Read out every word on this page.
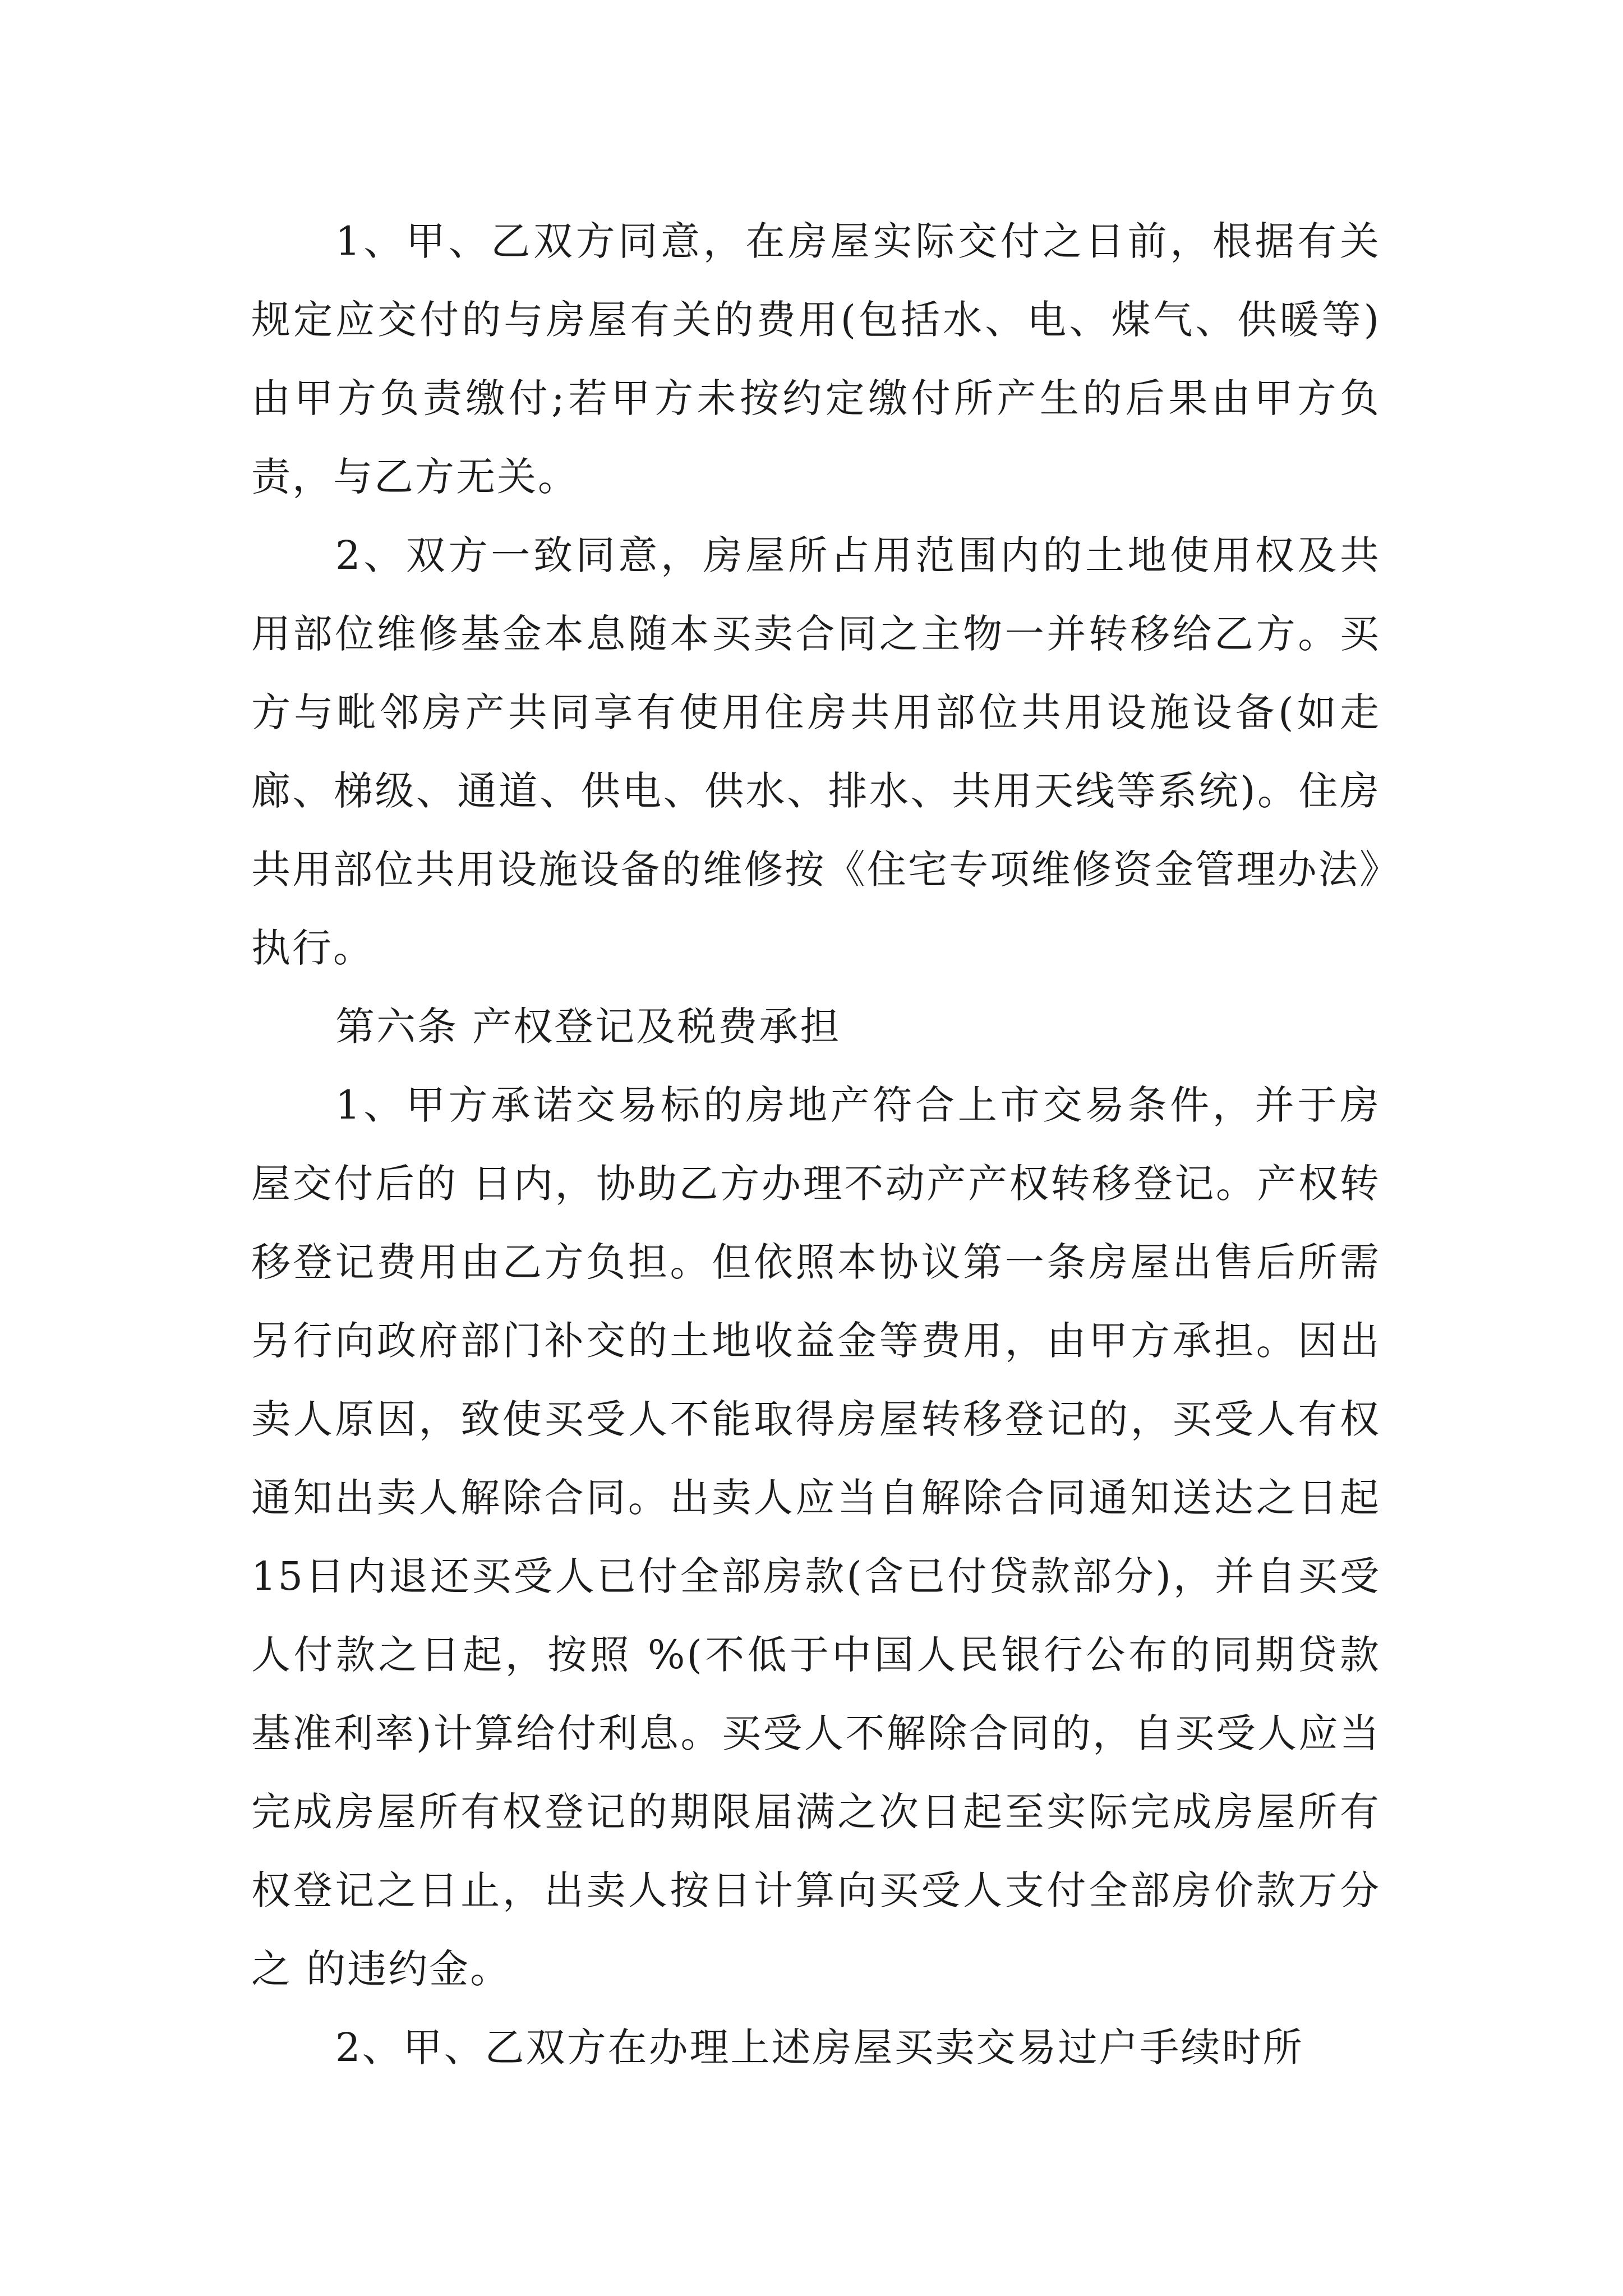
1、甲、乙双方同意，在房屋实际交付之日前，根据有关规定应交付的与房屋有关的费用(包括水、电、煤气、供暖等)由甲方负责缴付;若甲方未按约定缴付所产生的后果由甲方负责，与乙方无关。

2、双方一致同意，房屋所占用范围内的土地使用权及共用部位维修基金本息随本买卖合同之主物一并转移给乙方。买方与毗邻房产共同享有使用住房共用部位共用设施设备(如走廊、梯级、通道、供电、供水、排水、共用天线等系统)。住房共用部位共用设施设备的维修按《住宅专项维修资金管理办法》执行。

第六条 产权登记及税费承担

1、甲方承诺交易标的房地产符合上市交易条件，并于房屋交付后的 日内，协助乙方办理不动产产权转移登记。产权转移登记费用由乙方负担。但依照本协议第一条房屋出售后所需另行向政府部门补交的土地收益金等费用，由甲方承担。因出卖人原因，致使买受人不能取得房屋转移登记的，买受人有权通知出卖人解除合同。出卖人应当自解除合同通知送达之日起15日内退还买受人已付全部房款(含已付贷款部分)，并自买受人付款之日起，按照 %(不低于中国人民银行公布的同期贷款基准利率)计算给付利息。买受人不解除合同的，自买受人应当完成房屋所有权登记的期限届满之次日起至实际完成房屋所有权登记之日止，出卖人按日计算向买受人支付全部房价款万分之 的违约金。

2、甲、乙双方在办理上述房屋买卖交易过户手续时所
